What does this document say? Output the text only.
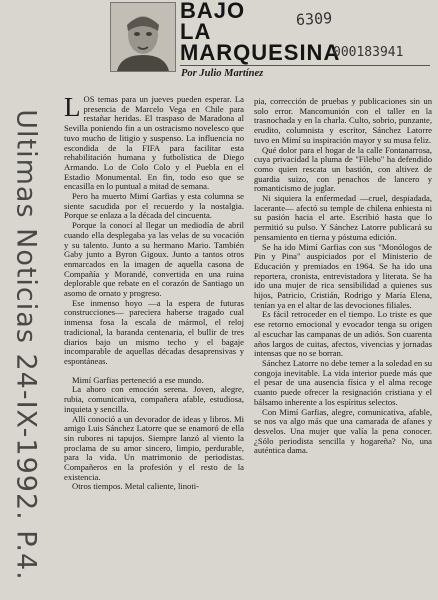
Ultimas Noticias 24-IX-1992. P.4.
BAJO
LA
MARQUESINA
6309
000183941
Por Julio Martínez

LOS temas para un jueves pueden esperar. La presencia de Marcelo Vega en Chile para restañar heridas. El traspaso de Maradona al Sevilla poniendo fin a un ostracismo novelesco que tuvo mucho de litigio y suspenso. La influencia no escondida de la FIFA para facilitar esta rehabilitación humana y futbolística de Diego Armando. Lo de Colo Colo y el Puebla en el Estadio Monumental. En fin, todo eso que se encasilla en lo puntual a mitad de semana.

Pero ha muerto Mimí Garfias y esta columna se siente sacudida por el recuerdo y la nostalgia. Porque se enlaza a la década del cincuenta.

Porque la conocí al llegar un mediodía de abril cuando ella desplegaba ya las velas de su vocación y su talento. Junto a su hermano Mario. También Gaby junto a Byron Gigoux. Junto a tantos otros enmarcados en la imagen de aquella casona de Compañía y Morandé, convertida en una ruina deplorable que rebate en el corazón de Santiago un asomo de ornato y progreso.

Ese inmenso hoyo —a la espera de futuras construcciones— pareciera haberse tragado cual inmensa fosa la escala de mármol, el reloj tradicional, la baranda centenaria, el bullir de tres diarios bajo un mismo techo y el bagaje incomparable de aquellas décadas desaprensivas y espontáneas.

Mimí Garfias perteneció a ese mundo.

La ahoro con emoción serena. Joven, alegre, rubia, comunicativa, compañera afable, estudiosa, inquieta y sencilla.

Allí conoció a un devorador de ideas y libros. Mi amigo Luis Sánchez Latorre que se enamoró de ella sin rubores ni tapujos. Siempre lanzó al viento la proclama de su amor sincero, limpio, perdurable, para la vida. Un matrimonio de periodistas. Compañeros en la profesión y el resto de la existencia.

Otros tiempos. Metal caliente, linoti-

pia, corrección de pruebas y publicaciones sin un solo error. Mancomunión con el taller en la trasnochada y en la charla. Culto, sobrio, punzante, erudito, columnista y escritor, Sánchez Latorre tuvo en Mimí su inspiración mayor y su musa feliz.

Qué dolor para el hogar de la calle Fontanarrosa, cuya privacidad la pluma de "Filebo" ha defendido como quien rescata un bastión, con altivez de guardia suizo, con penachos de lancero y romanticismo de juglar.

Ni siquiera la enfermedad —cruel, despiadada, lacerante— afectó su temple de chilena enhiesta ni su pasión hacia el arte. Escribió hasta que lo permitió su pulso. Y Sánchez Latorre publicará su pensamiento en tierna y póstuma edición.

Se ha ido Mimí Garfias con sus "Monólogos de Pin y Pina" auspiciados por el Ministerio de Educación y premiados en 1964. Se ha ido una reportera, cronista, entrevistadora y literata. Se ha ido una mujer de rica sensibilidad a quienes sus hijos, Patricio, Cristián, Rodrigo y María Elena, tenían ya en el altar de las devociones filiales.

Es fácil retroceder en el tiempo. Lo triste es que ese retorno emocional y evocador tenga su origen al escuchar las campanas de un adiós. Son cuarenta años largos de cuitas, afectos, vivencias y jornadas intensas que no se borran.

Sánchez Latorre no debe temer a la soledad en su congoja inevitable. La vida interior puede más que el pesar de una ausencia física y el alma recoge cuanto puede ofrecer la resignación cristiana y el bálsamo inherente a los espíritus selectos.

Con Mimí Garfias, alegre, comunicativa, afable, se nos va algo más que una camarada de afanes y desvelos. Una mujer que valía la pena conocer. ¿Sólo periodista sencilla y hogareña? No, una auténtica dama.
